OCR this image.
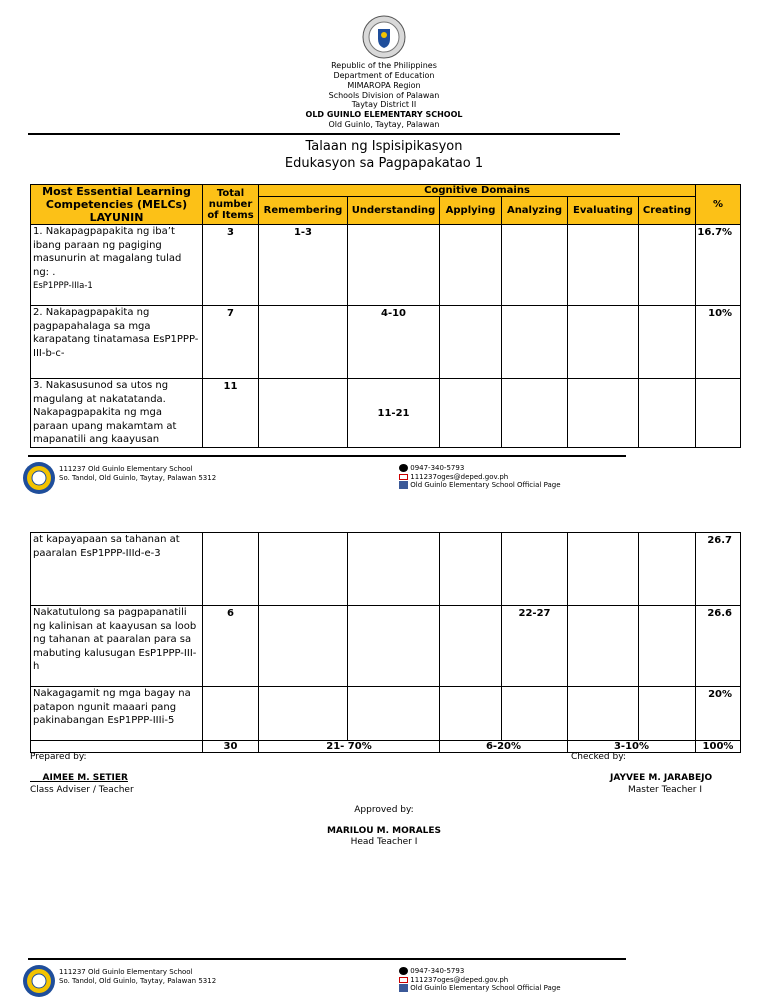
Republic of the Philippines
Department of Education
MIMAROPA Region
Schools Division of Palawan
Taytay District II
OLD GUINLO ELEMENTARY SCHOOL
Old Guinlo, Taytay, Palawan
Talaan ng Ispisipikasyon
Edukasyon sa Pagpapakatao 1
Most Essential Learning Competencies (MELCs) LAYUNIN	Total number of Items	Cognitive Domains						%
		Remembering	Understanding	Applying	Analyzing	Evaluating	Creating	
1. Nakapagpapakita ng iba’t ibang paraan ng pagiging masunurin at magalang tulad ng: .
EsP1PPP-IIIa-1	3	1-3						16.7%
2. Nakapagpapakita ng pagpapahalaga sa mga karapatang tinatamasa EsP1PPP-III-b-c-	7		4-10					10%
3. Nakasusunod sa utos ng magulang at nakatatanda. Nakapagpapakita ng mga paraan upang makamtam at mapanatili ang kaayusan	11		11-21					
111237 Old Guinlo Elementary School
So. Tandol, Old Guinlo, Taytay, Palawan 5312
0947-340-5793
111237oges@deped.gov.ph
Old Guinlo Elementary School Official Page
at kapayapaan sa tahanan at paaralan EsP1PPP-IIId-e-3								26.7
Nakatutulong sa pagpapanatili ng kalinisan at kaayusan sa loob ng tahanan at paaralan para sa mabuting kalusugan EsP1PPP-III-h	6				22-27			26.6
Nakagagamit ng mga bagay na patapon ngunit maaari pang pakinabangan EsP1PPP-IIIi-5								20%
	30	21- 70%		6-20%		3-10%		100%
Prepared by:
AIMEE M. SETIER
Class Adviser / Teacher
Checked by:
JAYVEE M. JARABEJO
Master Teacher I
Approved by:
MARILOU M. MORALES
Head Teacher I
111237 Old Guinlo Elementary School
So. Tandol, Old Guinlo, Taytay, Palawan 5312
0947-340-5793
111237oges@deped.gov.ph
Old Guinlo Elementary School Official Page
